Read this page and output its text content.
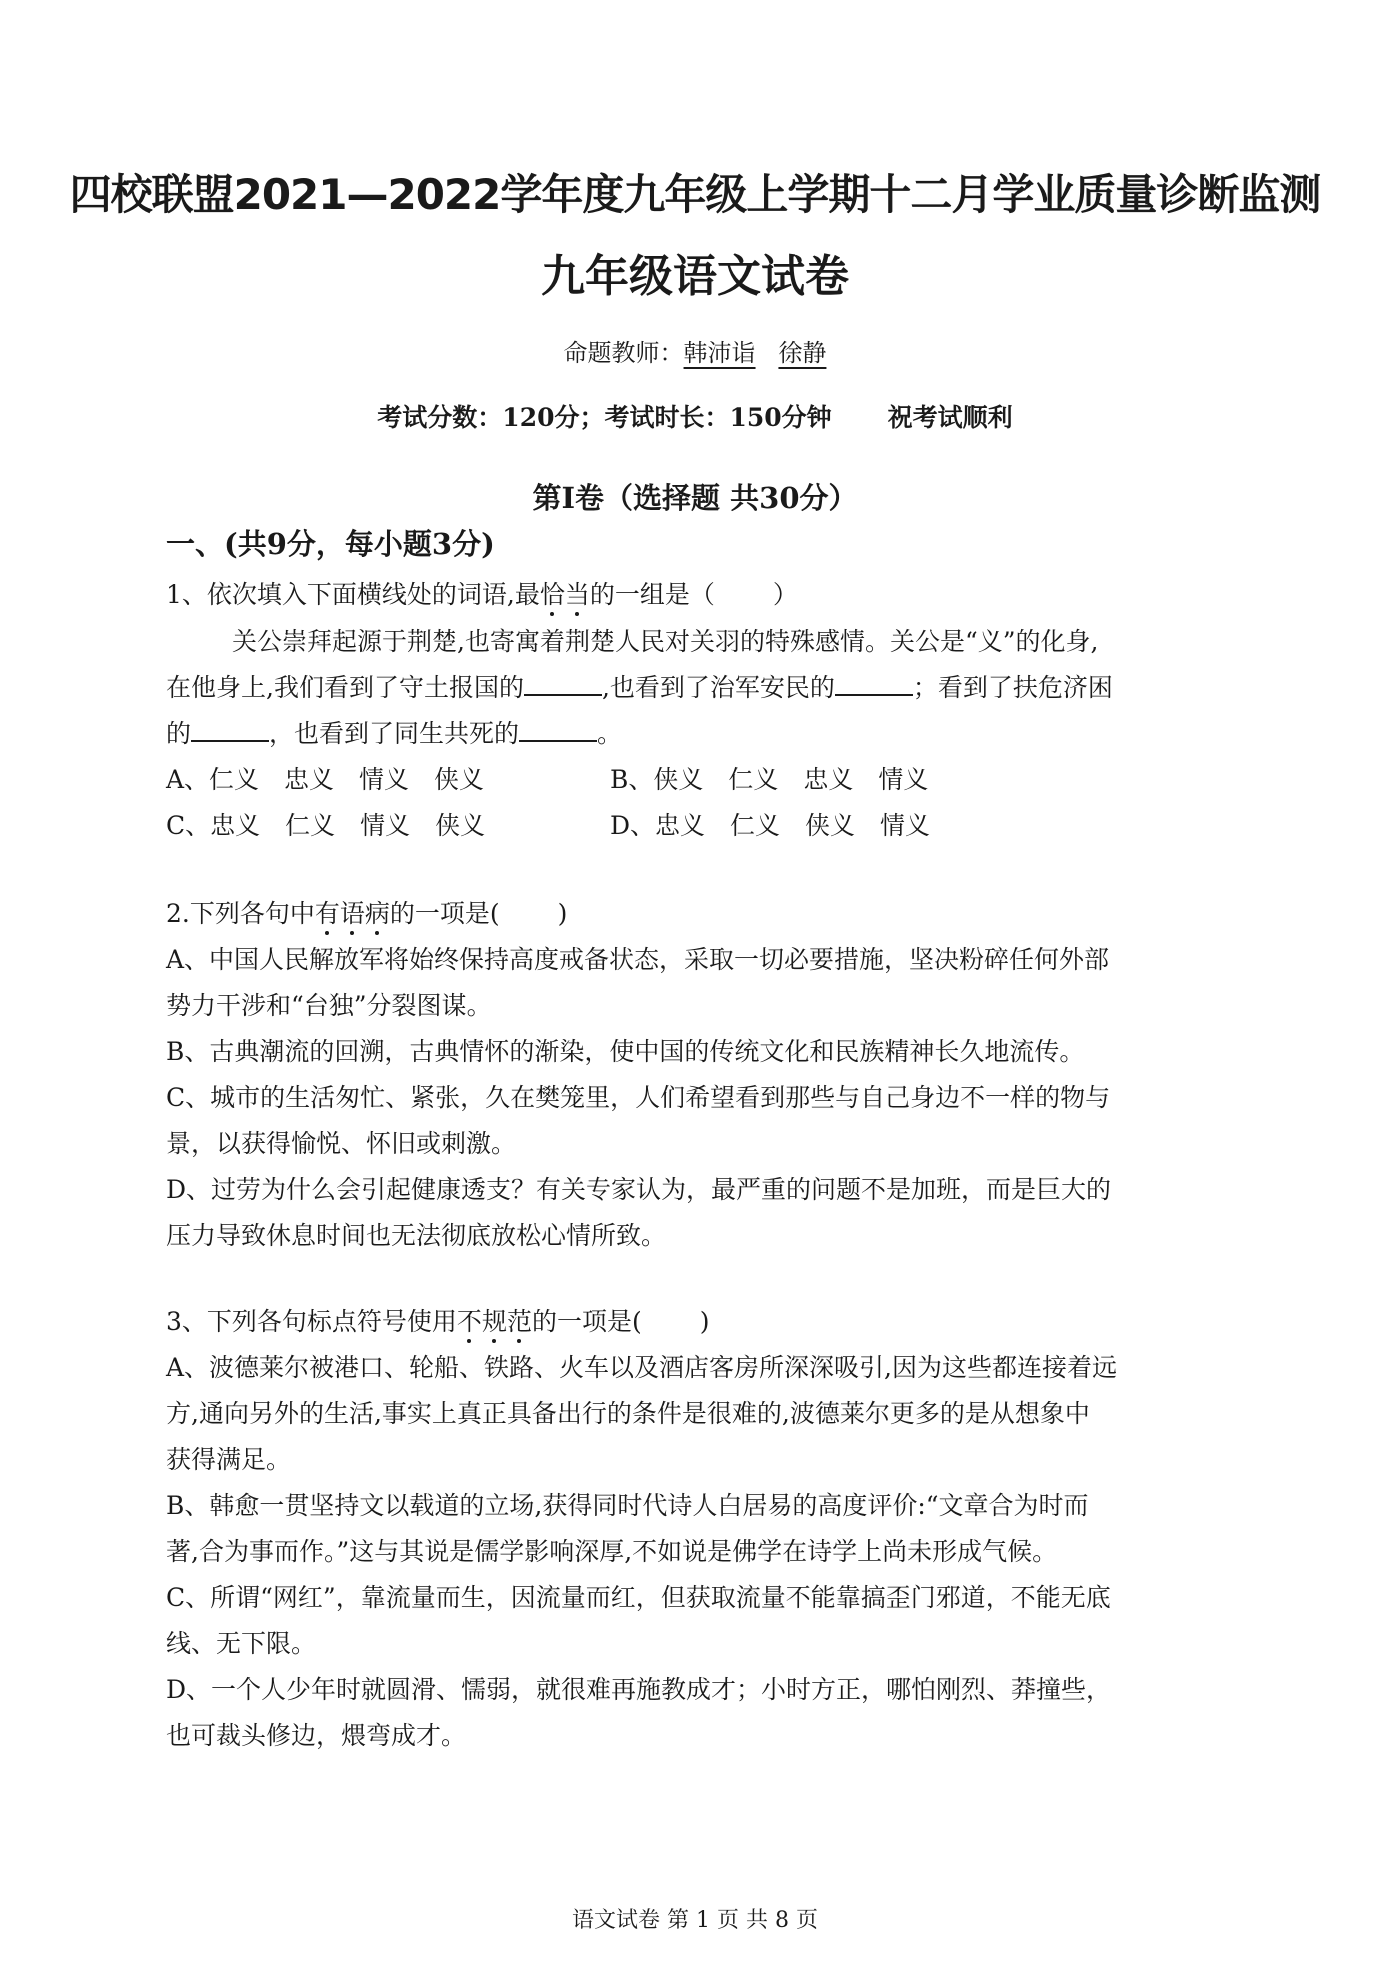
四校联盟2021—2022学年度九年级上学期十二月学业质量诊断监测
九年级语文试卷
命题教师：韩沛诣 徐静
考试分数：120分；考试时长：150分钟 祝考试顺利
第Ⅰ卷（选择题 共30分）
一、(共9分，每小题3分)
1、依次填入下面横线处的词语,最恰当的一组是（ ）
关公崇拜起源于荆楚,也寄寓着荆楚人民对关羽的特殊感情。关公是“义”的化身,
在他身上,我们看到了守土报国的	,也看到了治军安民的	；看到了扶危济困
的	，也看到了同生共死的	。
A、仁义　忠义　情义　侠义	B、侠义　仁义　忠义　情义
C、忠义　仁义　情义　侠义	D、忠义　仁义　侠义　情义
2.下列各句中有语病的一项是( )
A、中国人民解放军将始终保持高度戒备状态，采取一切必要措施，坚决粉碎任何外部
势力干涉和“台独”分裂图谋。
B、古典潮流的回溯，古典情怀的渐染，使中国的传统文化和民族精神长久地流传。
C、城市的生活匆忙、紧张，久在樊笼里，人们希望看到那些与自己身边不一样的物与
景，以获得愉悦、怀旧或刺激。
D、过劳为什么会引起健康透支？有关专家认为，最严重的问题不是加班，而是巨大的
压力导致休息时间也无法彻底放松心情所致。
3、下列各句标点符号使用不规范的一项是( )
A、波德莱尔被港口、轮船、铁路、火车以及酒店客房所深深吸引,因为这些都连接着远
方,通向另外的生活,事实上真正具备出行的条件是很难的,波德莱尔更多的是从想象中
获得满足。
B、韩愈一贯坚持文以载道的立场,获得同时代诗人白居易的高度评价:“文章合为时而
著,合为事而作。”这与其说是儒学影响深厚,不如说是佛学在诗学上尚未形成气候。
C、所谓“网红”，靠流量而生，因流量而红，但获取流量不能靠搞歪门邪道，不能无底
线、无下限。
D、一个人少年时就圆滑、懦弱，就很难再施教成才；小时方正，哪怕刚烈、莽撞些，
也可裁头修边，煨弯成才。
语文试卷 第 1 页 共 8 页
